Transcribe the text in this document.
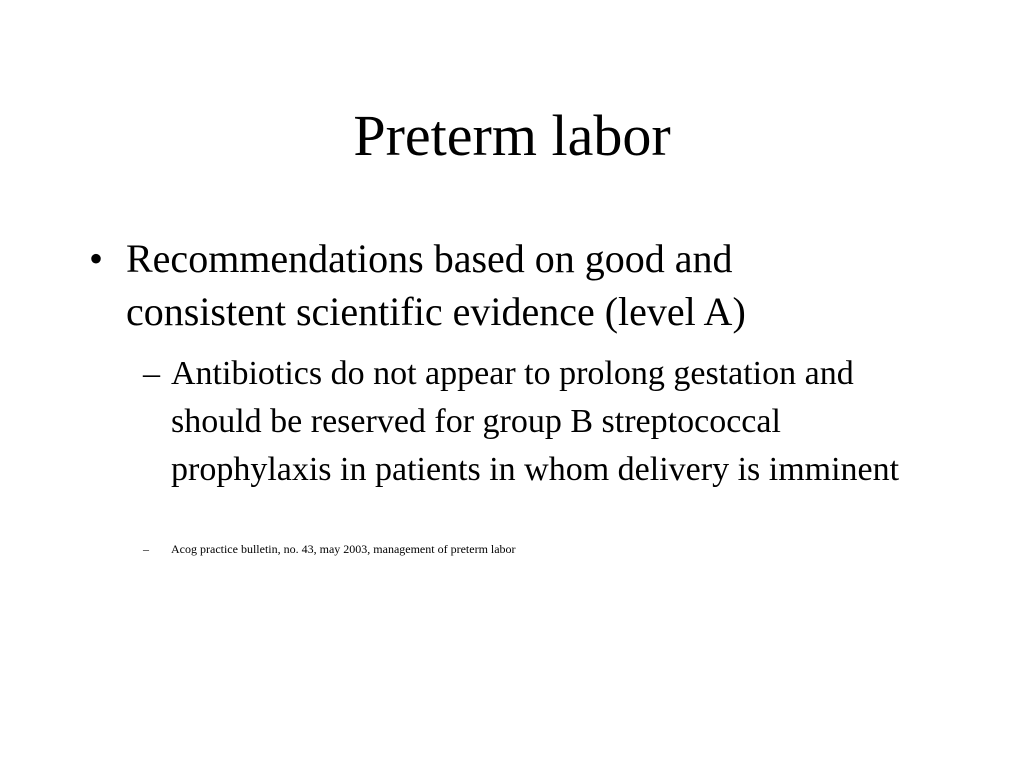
Preterm labor
• Recommendations based on good and consistent scientific evidence (level A)
– Antibiotics do not appear to prolong gestation and should be reserved for group B streptococcal prophylaxis in patients in whom delivery is imminent
– Acog practice bulletin, no. 43, may 2003, management of preterm labor
